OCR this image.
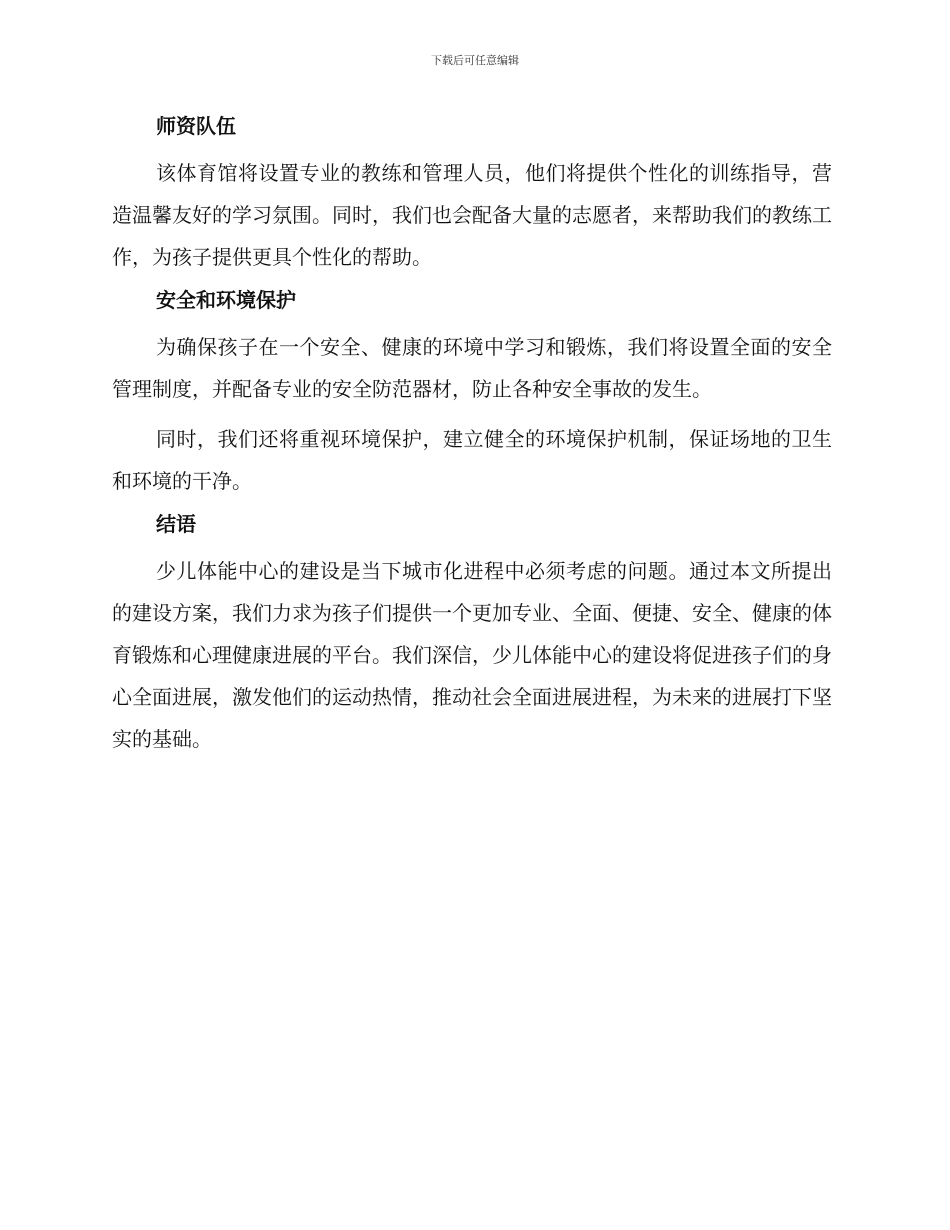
下载后可任意编辑
师资队伍

该体育馆将设置专业的教练和管理人员，他们将提供个性化的训练指导，营造温馨友好的学习氛围。同时，我们也会配备大量的志愿者，来帮助我们的教练工作，为孩子提供更具个性化的帮助。

安全和环境保护

为确保孩子在一个安全、健康的环境中学习和锻炼，我们将设置全面的安全管理制度，并配备专业的安全防范器材，防止各种安全事故的发生。

同时，我们还将重视环境保护，建立健全的环境保护机制，保证场地的卫生和环境的干净。

结语

少儿体能中心的建设是当下城市化进程中必须考虑的问题。通过本文所提出的建设方案，我们力求为孩子们提供一个更加专业、全面、便捷、安全、健康的体育锻炼和心理健康进展的平台。我们深信，少儿体能中心的建设将促进孩子们的身心全面进展，激发他们的运动热情，推动社会全面进展进程，为未来的进展打下坚实的基础。
